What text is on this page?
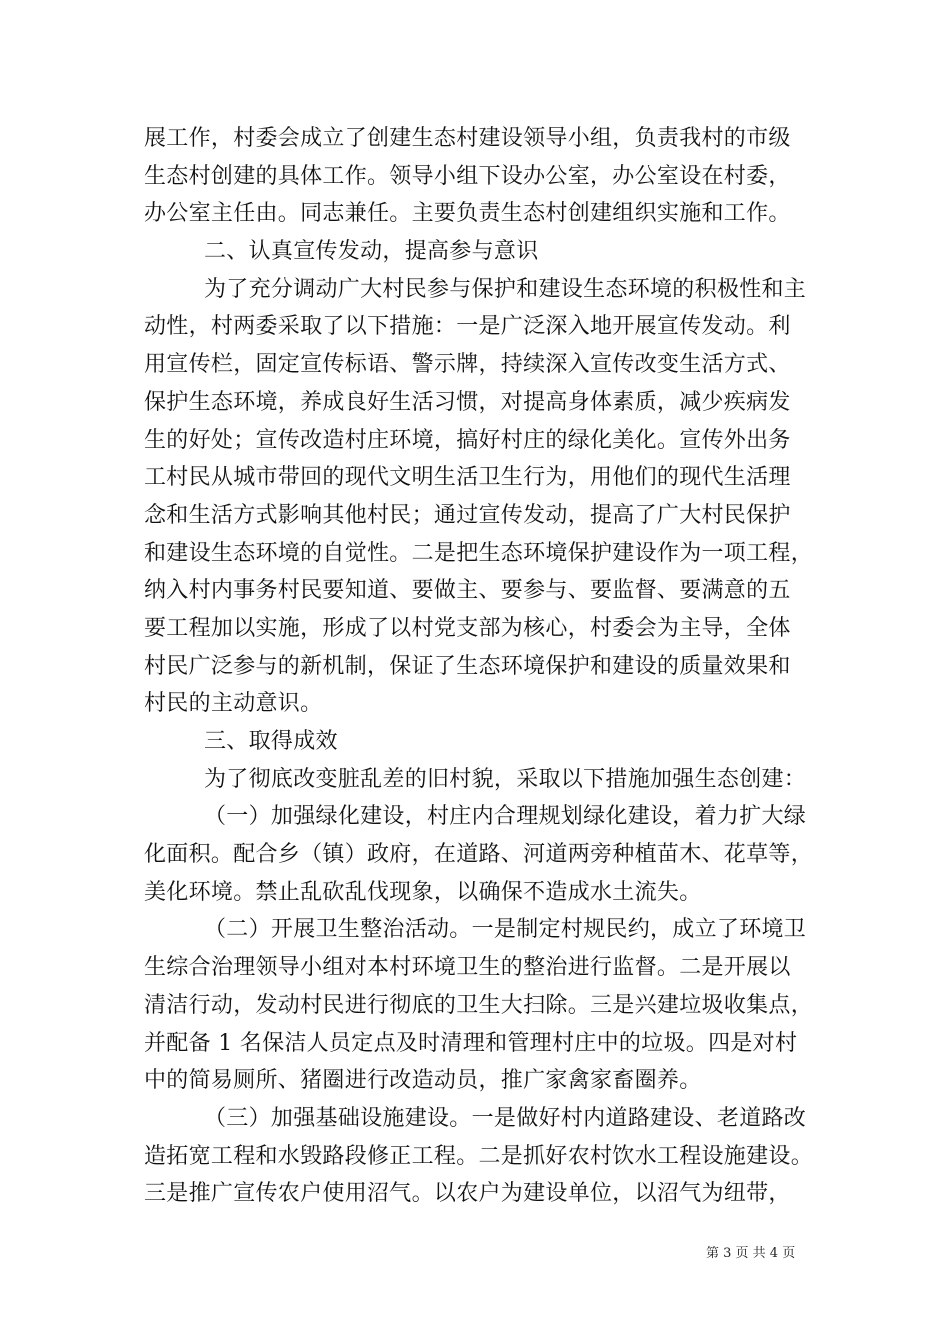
展工作，村委会成立了创建生态村建设领导小组，负责我村的市级
生态村创建的具体工作。领导小组下设办公室，办公室设在村委，
办公室主任由。同志兼任。主要负责生态村创建组织实施和工作。
二、认真宣传发动，提高参与意识
为了充分调动广大村民参与保护和建设生态环境的积极性和主
动性，村两委采取了以下措施：一是广泛深入地开展宣传发动。利
用宣传栏，固定宣传标语、警示牌，持续深入宣传改变生活方式、
保护生态环境，养成良好生活习惯，对提高身体素质，减少疾病发
生的好处；宣传改造村庄环境，搞好村庄的绿化美化。宣传外出务
工村民从城市带回的现代文明生活卫生行为，用他们的现代生活理
念和生活方式影响其他村民；通过宣传发动，提高了广大村民保护
和建设生态环境的自觉性。二是把生态环境保护建设作为一项工程，
纳入村内事务村民要知道、要做主、要参与、要监督、要满意的五
要工程加以实施，形成了以村党支部为核心，村委会为主导，全体
村民广泛参与的新机制，保证了生态环境保护和建设的质量效果和
村民的主动意识。
三、取得成效
为了彻底改变脏乱差的旧村貌，采取以下措施加强生态创建：
（一）加强绿化建设，村庄内合理规划绿化建设，着力扩大绿
化面积。配合乡（镇）政府，在道路、河道两旁种植苗木、花草等，
美化环境。禁止乱砍乱伐现象，以确保不造成水土流失。
（二）开展卫生整治活动。一是制定村规民约，成立了环境卫
生综合治理领导小组对本村环境卫生的整治进行监督。二是开展以
清洁行动，发动村民进行彻底的卫生大扫除。三是兴建垃圾收集点，
并配备 1 名保洁人员定点及时清理和管理村庄中的垃圾。四是对村
中的简易厕所、猪圈进行改造动员，推广家禽家畜圈养。
（三）加强基础设施建设。一是做好村内道路建设、老道路改
造拓宽工程和水毁路段修正工程。二是抓好农村饮水工程设施建设。
三是推广宣传农户使用沼气。以农户为建设单位，以沼气为纽带，
第 3 页 共 4 页
